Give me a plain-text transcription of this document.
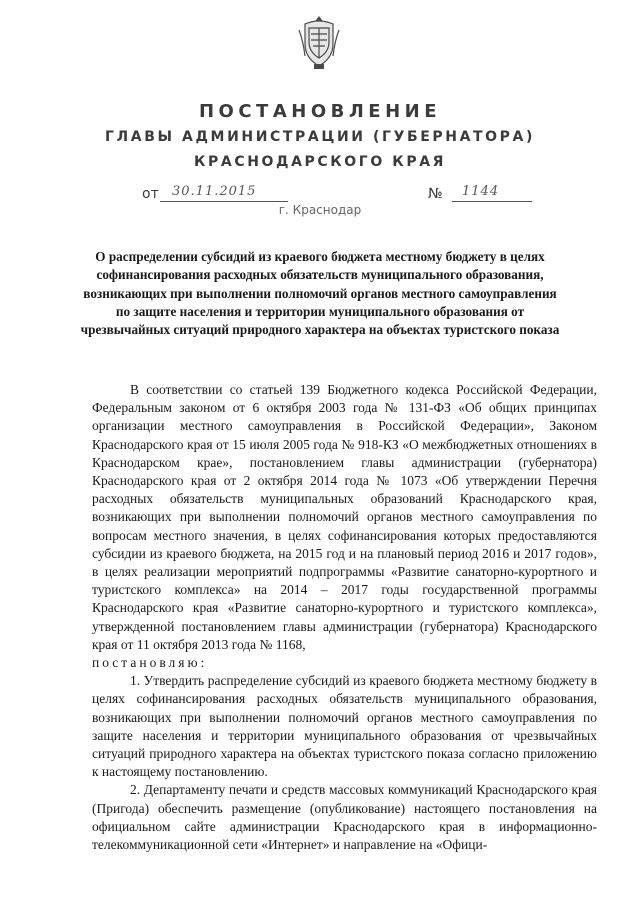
ПОСТАНОВЛЕНИЕ
ГЛАВЫ АДМИНИСТРАЦИИ (ГУБЕРНАТОРА)
КРАСНОДАРСКОГО КРАЯ
от 30.11.2015	№ 1144
г. Краснодар
О распределении субсидий из краевого бюджета местному бюджету в целях софинансирования расходных обязательств муниципального образования, возникающих при выполнении полномочий органов местного самоуправления по защите населения и территории муниципального образования от чрезвычайных ситуаций природного характера на объектах туристского показа

В соответствии со статьей 139 Бюджетного кодекса Российской Федерации, Федеральным законом от 6 октября 2003 года № 131-ФЗ «Об общих принципах организации местного самоуправления в Российской Федерации», Законом Краснодарского края от 15 июля 2005 года № 918-КЗ «О межбюджетных отношениях в Краснодарском крае», постановлением главы администрации (губернатора) Краснодарского края от 2 октября 2014 года № 1073 «Об утверждении Перечня расходных обязательств муниципальных образований Краснодарского края, возникающих при выполнении полномочий органов местного самоуправления по вопросам местного значения, в целях софинансирования которых предоставляются субсидии из краевого бюджета, на 2015 год и на плановый период 2016 и 2017 годов», в целях реализации мероприятий подпрограммы «Развитие санаторно-курортного и туристского комплекса» на 2014 – 2017 годы государственной программы Краснодарского края «Развитие санаторно-курортного и туристского комплекса», утвержденной постановлением главы администрации (губернатора) Краснодарского края от 11 октября 2013 года № 1168,

постановляю:

1. Утвердить распределение субсидий из краевого бюджета местному бюджету в целях софинансирования расходных обязательств муниципального образования, возникающих при выполнении полномочий органов местного самоуправления по защите населения и территории муниципального образования от чрезвычайных ситуаций природного характера на объектах туристского показа согласно приложению к настоящему постановлению.

2. Департаменту печати и средств массовых коммуникаций Краснодарского края (Пригода) обеспечить размещение (опубликование) настоящего постановления на официальном сайте администрации Краснодарского края в информационно-телекоммуникационной сети «Интернет» и направление на «Офици-
